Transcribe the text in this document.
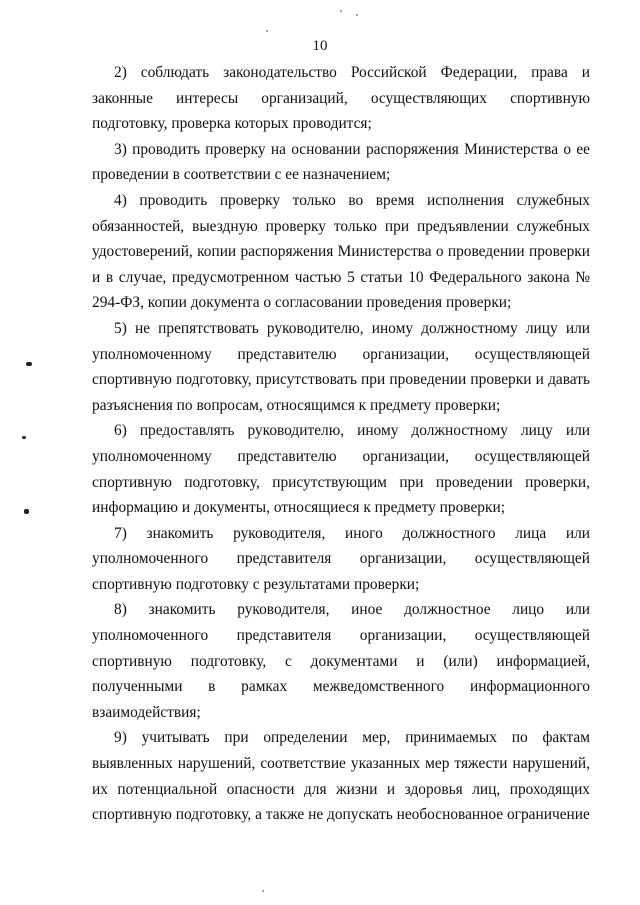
10

2) соблюдать законодательство Российской Федерации, права и законные интересы организаций, осуществляющих спортивную подготовку, проверка которых проводится;

3) проводить проверку на основании распоряжения Министерства о ее проведении в соответствии с ее назначением;

4) проводить проверку только во время исполнения служебных обязанностей, выездную проверку только при предъявлении служебных удостоверений, копии распоряжения Министерства о проведении проверки и в случае, предусмотренном частью 5 статьи 10 Федерального закона № 294-ФЗ, копии документа о согласовании проведения проверки;

5) не препятствовать руководителю, иному должностному лицу или уполномоченному представителю организации, осуществляющей спортивную подготовку, присутствовать при проведении проверки и давать разъяснения по вопросам, относящимся к предмету проверки;

6) предоставлять руководителю, иному должностному лицу или уполномоченному представителю организации, осуществляющей спортивную подготовку, присутствующим при проведении проверки, информацию и документы, относящиеся к предмету проверки;

7) знакомить руководителя, иного должностного лица или уполномоченного представителя организации, осуществляющей спортивную подготовку с результатами проверки;

8) знакомить руководителя, иное должностное лицо или уполномоченного представителя организации, осуществляющей спортивную подготовку, с документами и (или) информацией, полученными в рамках межведомственного информационного взаимодействия;

9) учитывать при определении мер, принимаемых по фактам выявленных нарушений, соответствие указанных мер тяжести нарушений, их потенциальной опасности для жизни и здоровья лиц, проходящих спортивную подготовку, а также не допускать необоснованное ограничение
